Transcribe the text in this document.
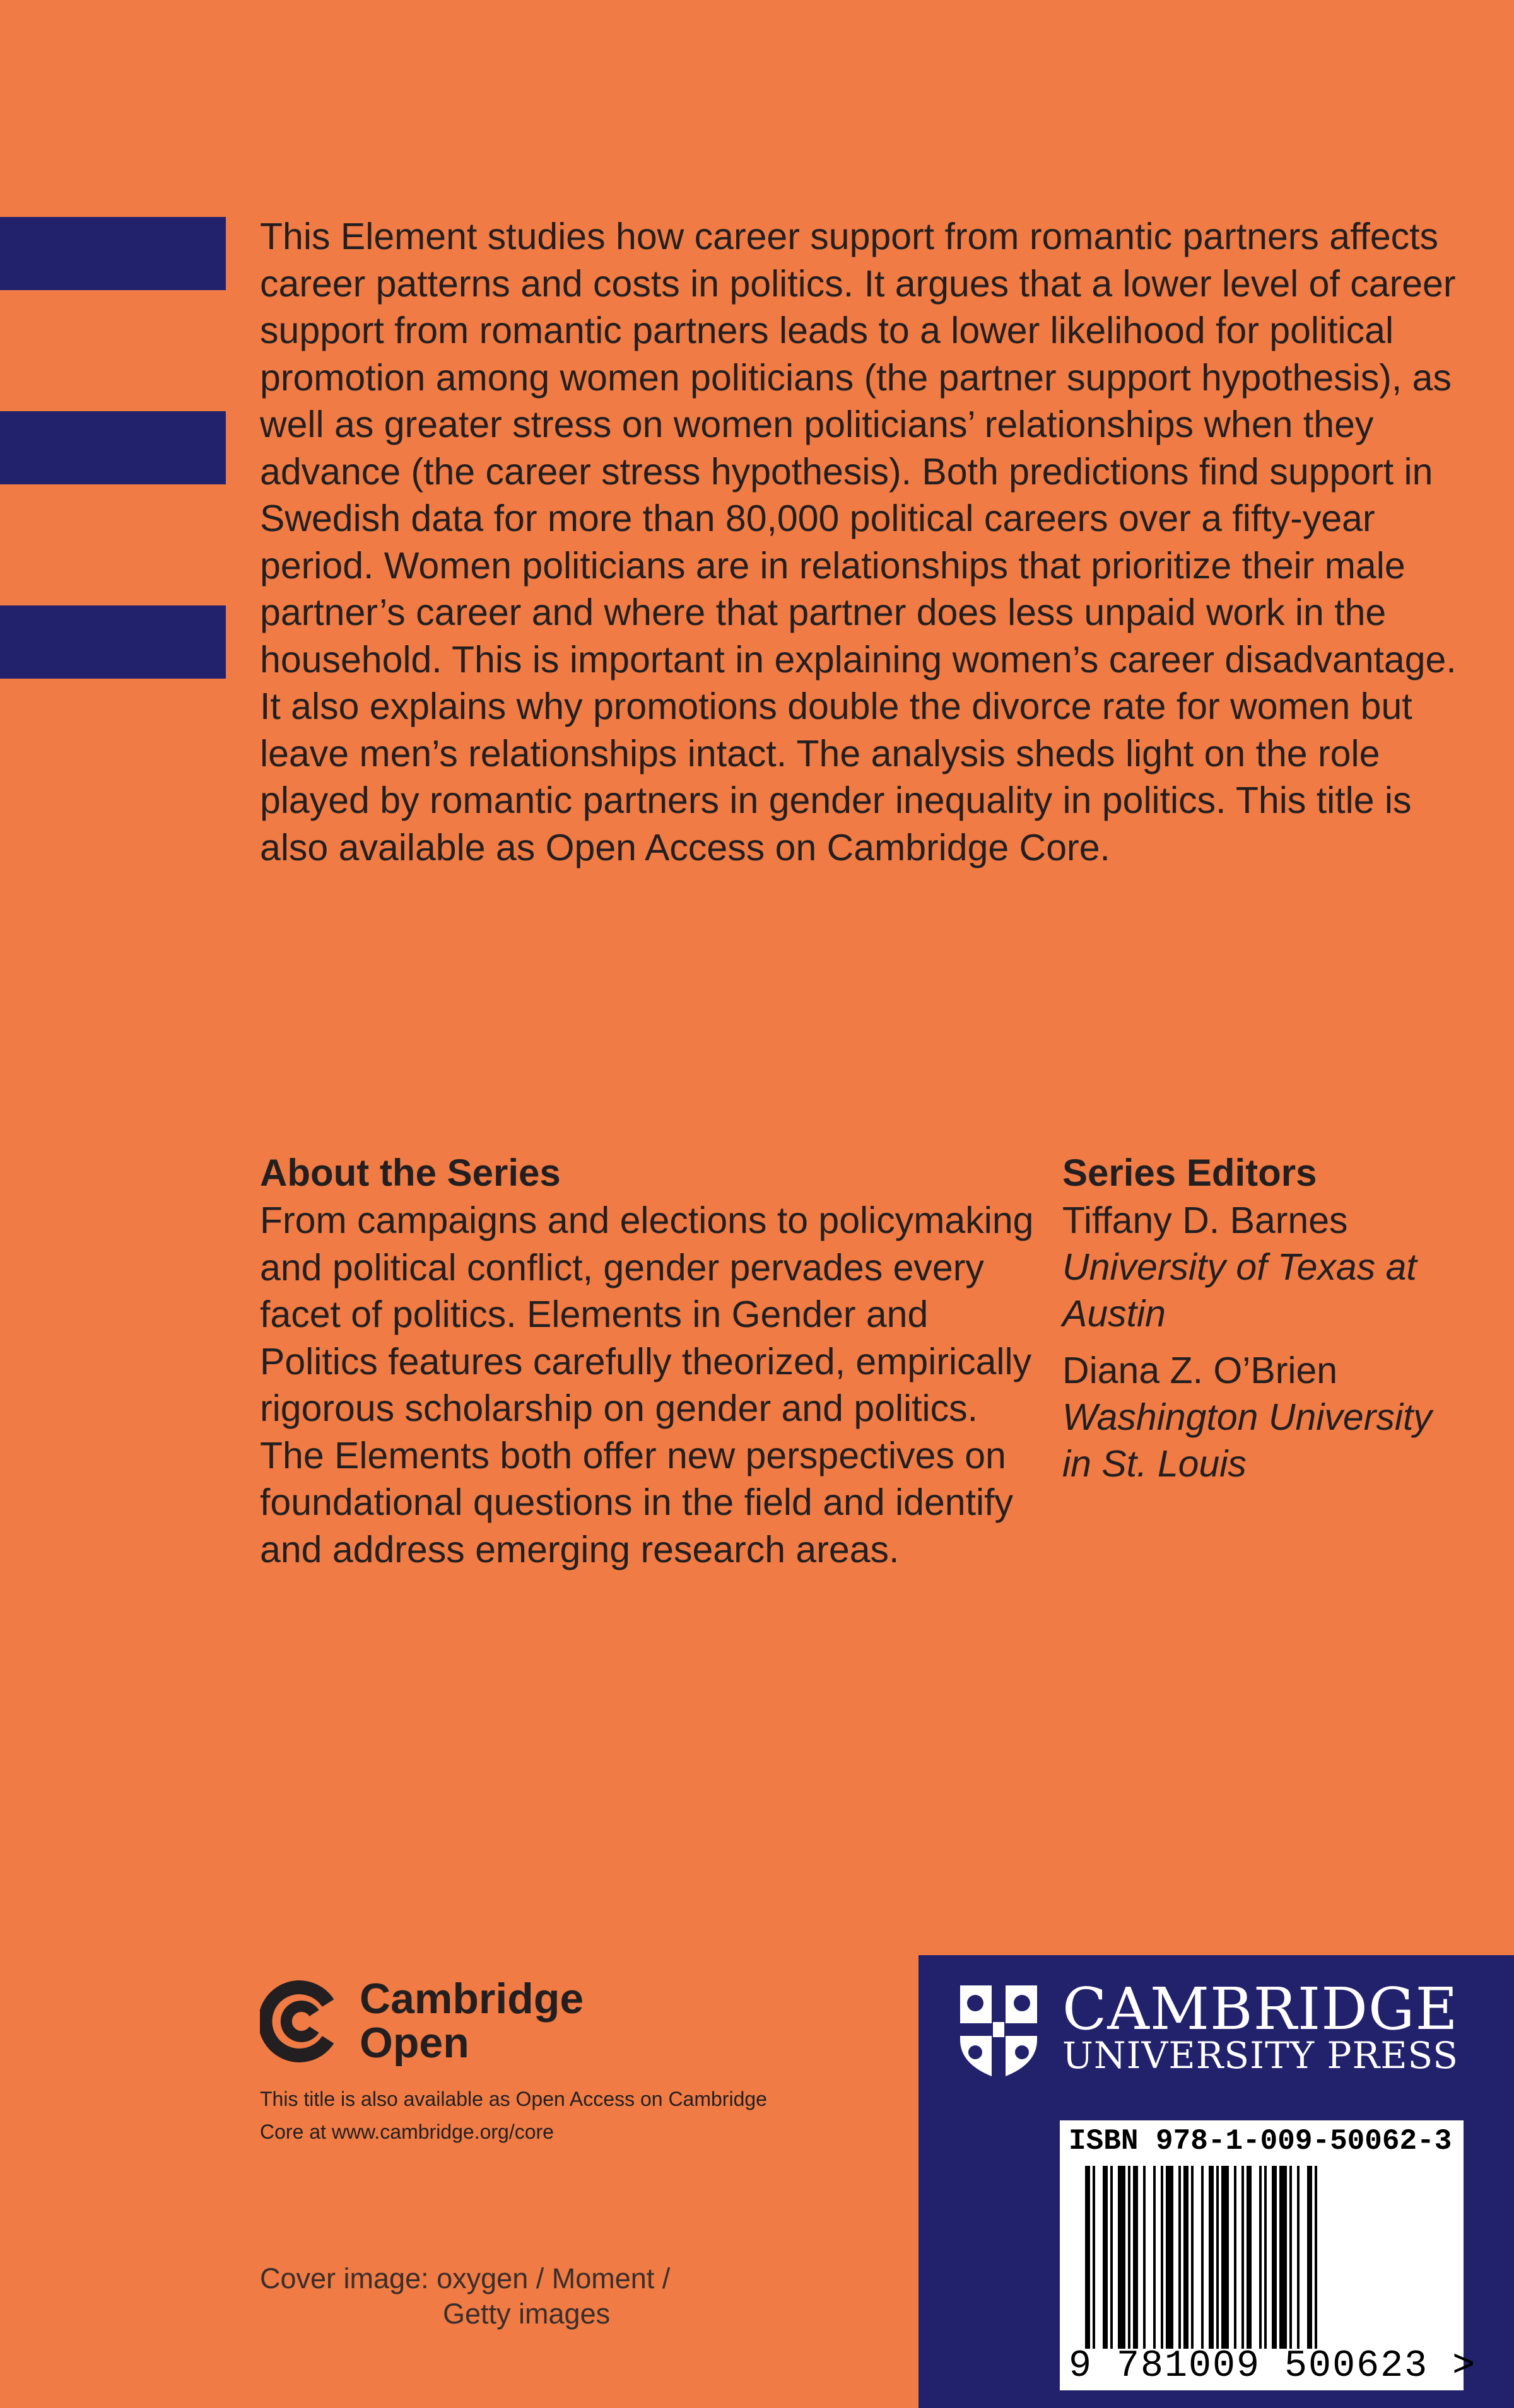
This Element studies how career support from romantic partners affects career patterns and costs in politics. It argues that a lower level of career support from romantic partners leads to a lower likelihood for political promotion among women politicians (the partner support hypothesis), as well as greater stress on women politicians’ relationships when they advance (the career stress hypothesis). Both predictions find support in Swedish data for more than 80,000 political careers over a fifty-year period. Women politicians are in relationships that prioritize their male partner’s career and where that partner does less unpaid work in the household. This is important in explaining women’s career disadvantage. It also explains why promotions double the divorce rate for women but leave men’s relationships intact. The analysis sheds light on the role played by romantic partners in gender inequality in politics. This title is also available as Open Access on Cambridge Core.

About the Series

From campaigns and elections to policymaking and political conflict, gender pervades every facet of politics. Elements in Gender and Politics features carefully theorized, empirically rigorous scholarship on gender and politics. The Elements both offer new perspectives on foundational questions in the field and identify and address emerging research areas.

Series Editors

Tiffany D. Barnes
University of Texas at Austin
Diana Z. O’Brien
Washington University in St. Louis
Cambridge
Open

This title is also available as Open Access on Cambridge Core at www.cambridge.org/core

Cover image: oxygen / Moment /
Getty images

CAMBRIDGE
UNIVERSITY PRESS
ISBN 978-1-009-50062-3
9 781009 500623 >
